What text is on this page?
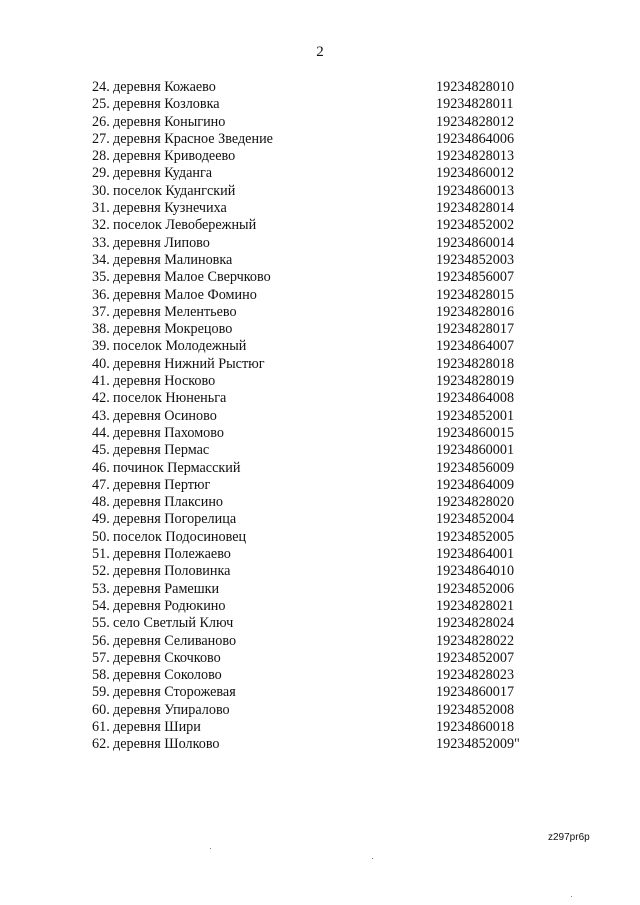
2
24. деревня Кожаево	19234828010
25. деревня Козловка	19234828011
26. деревня Коныгино	19234828012
27. деревня Красное Зведение	19234864006
28. деревня Криводеево	19234828013
29. деревня Куданга	19234860012
30. поселок Кудангский	19234860013
31. деревня Кузнечиха	19234828014
32. поселок Левобережный	19234852002
33. деревня Липово	19234860014
34. деревня Малиновка	19234852003
35. деревня Малое Сверчково	19234856007
36. деревня Малое Фомино	19234828015
37. деревня Мелентьево	19234828016
38. деревня Мокрецово	19234828017
39. поселок Молодежный	19234864007
40. деревня Нижний Рыстюг	19234828018
41. деревня Носково	19234828019
42. поселок Нюненьга	19234864008
43. деревня Осиново	19234852001
44. деревня Пахомово	19234860015
45. деревня Пермас	19234860001
46. починок Пермасский	19234856009
47. деревня Пертюг	19234864009
48. деревня Плаксино	19234828020
49. деревня Погорелица	19234852004
50. поселок Подосиновец	19234852005
51. деревня Полежаево	19234864001
52. деревня Половинка	19234864010
53. деревня Рамешки	19234852006
54. деревня Родюкино	19234828021
55. село Светлый Ключ	19234828024
56. деревня Селиваново	19234828022
57. деревня Скочково	19234852007
58. деревня Соколово	19234828023
59. деревня Сторожевая	19234860017
60. деревня Упиралово	19234852008
61. деревня Шири	19234860018
62. деревня Шолково	19234852009"
z297pr6p
